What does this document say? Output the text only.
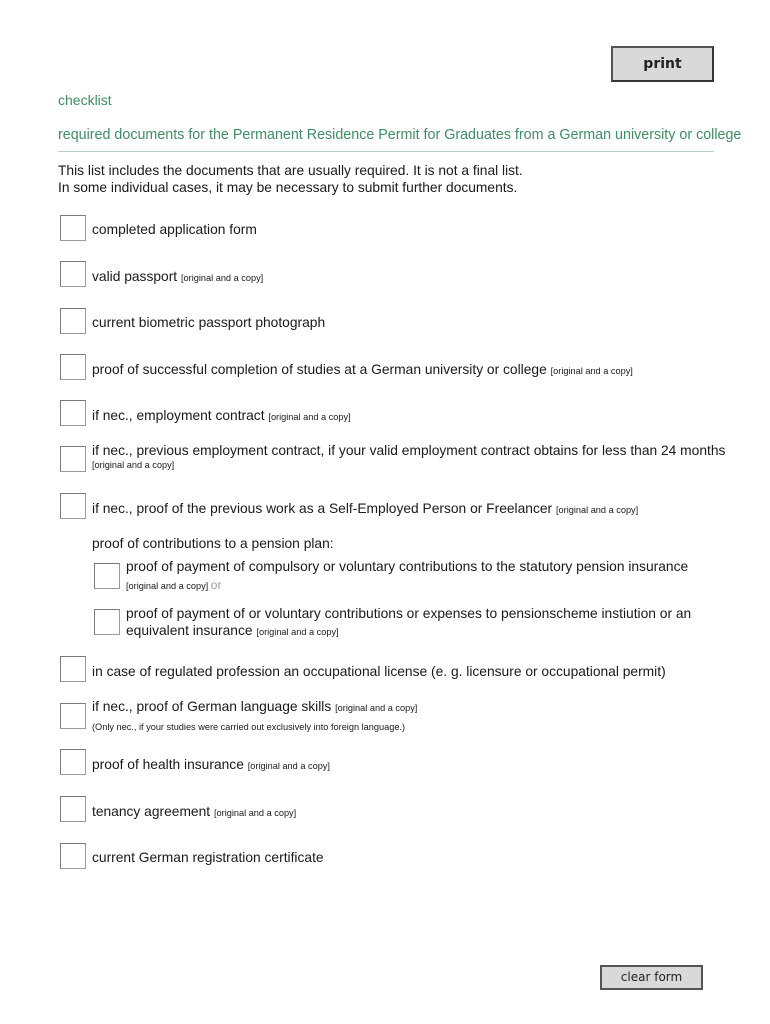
print
checklist
required documents for the Permanent Residence Permit for Graduates from a German university or college
This list includes the documents that are usually required. It is not a final list.
In some individual cases, it may be necessary to submit further documents.
completed application form
valid passport [original and a copy]
current biometric passport photograph
proof of successful completion of studies at a German university or college [original and a copy]
if nec., employment contract [original and a copy]
if nec., previous employment contract, if your valid employment contract obtains for less than 24 months
[original and a copy]
if nec., proof of the previous work as a Self-Employed Person or Freelancer [original and a copy]
proof of contributions to a pension plan:
proof of payment of compulsory or voluntary contributions to the statutory pension insurance
[original and a copy] or
proof of payment of or voluntary contributions or expenses to pensionscheme instiution or an
equivalent insurance [original and a copy]
in case of regulated profession an occupational license (e. g. licensure or occupational permit)
if nec., proof of German language skills [original and a copy]
(Only nec., if your studies were carried out exclusively into foreign language.)
proof of health insurance [original and a copy]
tenancy agreement [original and a copy]
current German registration certificate
clear form
